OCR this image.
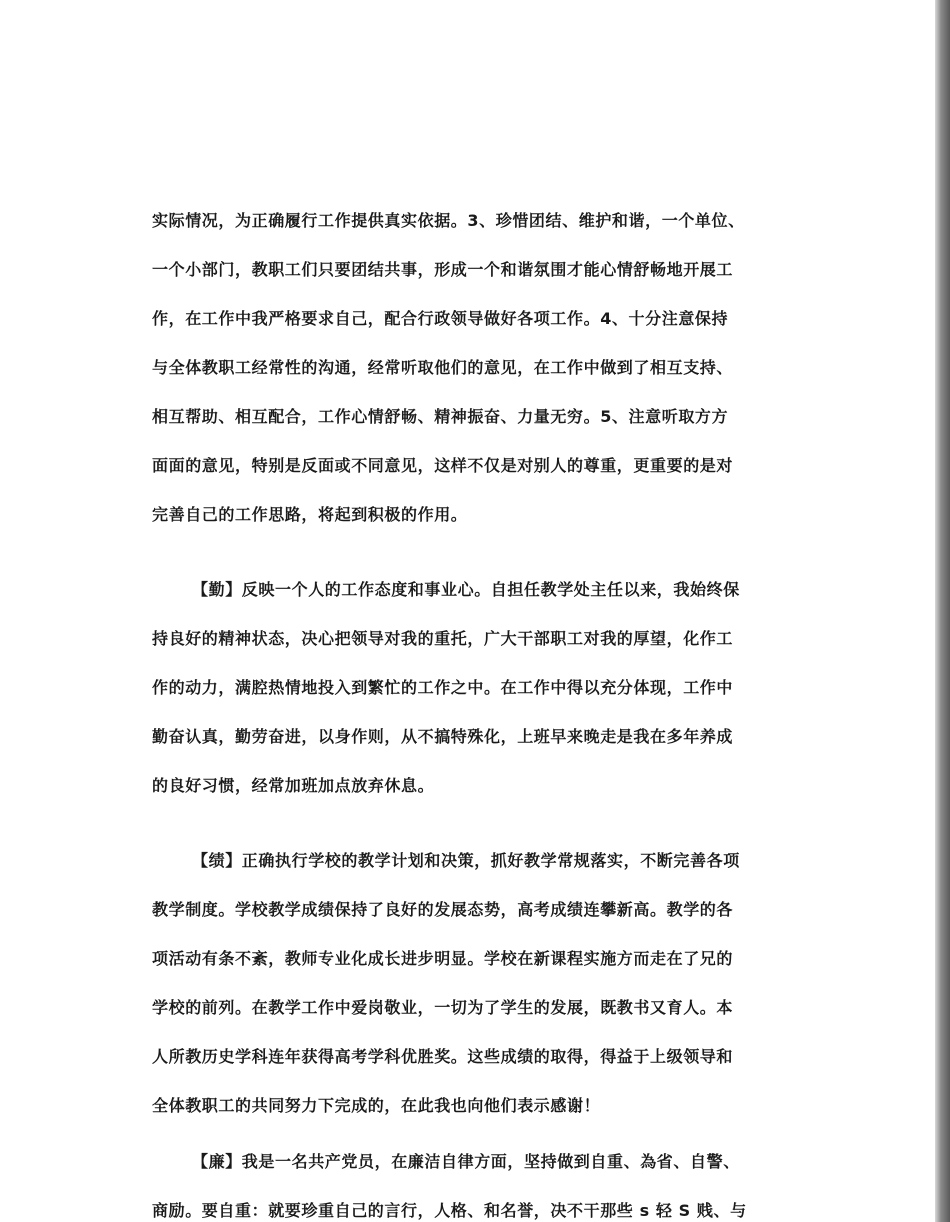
实际情况，为正确履行工作提供真实依据。3、珍惜团结、维护和谐，一个单位、
一个小部门，教职工们只要团结共事，形成一个和谐氛围才能心情舒畅地开展工
作，在工作中我严格要求自己，配合行政领导做好各项工作。4、十分注意保持
与全体教职工经常性的沟通，经常听取他们的意见，在工作中做到了相互支持、
相互帮助、相互配合，工作心情舒畅、精神振奋、力量无穷。5、注意听取方方
面面的意见，特别是反面或不同意见，这样不仅是对别人的尊重，更重要的是对
完善自己的工作思路，将起到积极的作用。
【勤】反映一个人的工作态度和事业心。自担任教学处主任以来，我始终保
持良好的精神状态，决心把领导对我的重托，广大干部职工对我的厚望，化作工
作的动力，满腔热情地投入到繁忙的工作之中。在工作中得以充分体现，工作中
勤奋认真，勤劳奋进，以身作则，从不搞特殊化，上班早来晚走是我在多年养成
的良好习惯，经常加班加点放弃休息。
【绩】正确执行学校的教学计划和决策，抓好教学常规落实，不断完善各项
教学制度。学校教学成绩保持了良好的发展态势，高考成绩连攀新高。教学的各
项活动有条不紊，教师专业化成长进步明显。学校在新课程实施方而走在了兄的
学校的前列。在教学工作中爱岗敬业，一切为了学生的发展，既教书又育人。本
人所教历史学科连年获得高考学科优胜奖。这些成绩的取得，得益于上级领导和
全体教职工的共同努力下完成的，在此我也向他们表示感谢！
【廉】我是一名共产党员，在廉洁自律方面，坚持做到自重、為省、自警、
商励。要自重：就要珍重自己的言行，人格、和名誉，决不干那些 s 轻 S 贱、与
